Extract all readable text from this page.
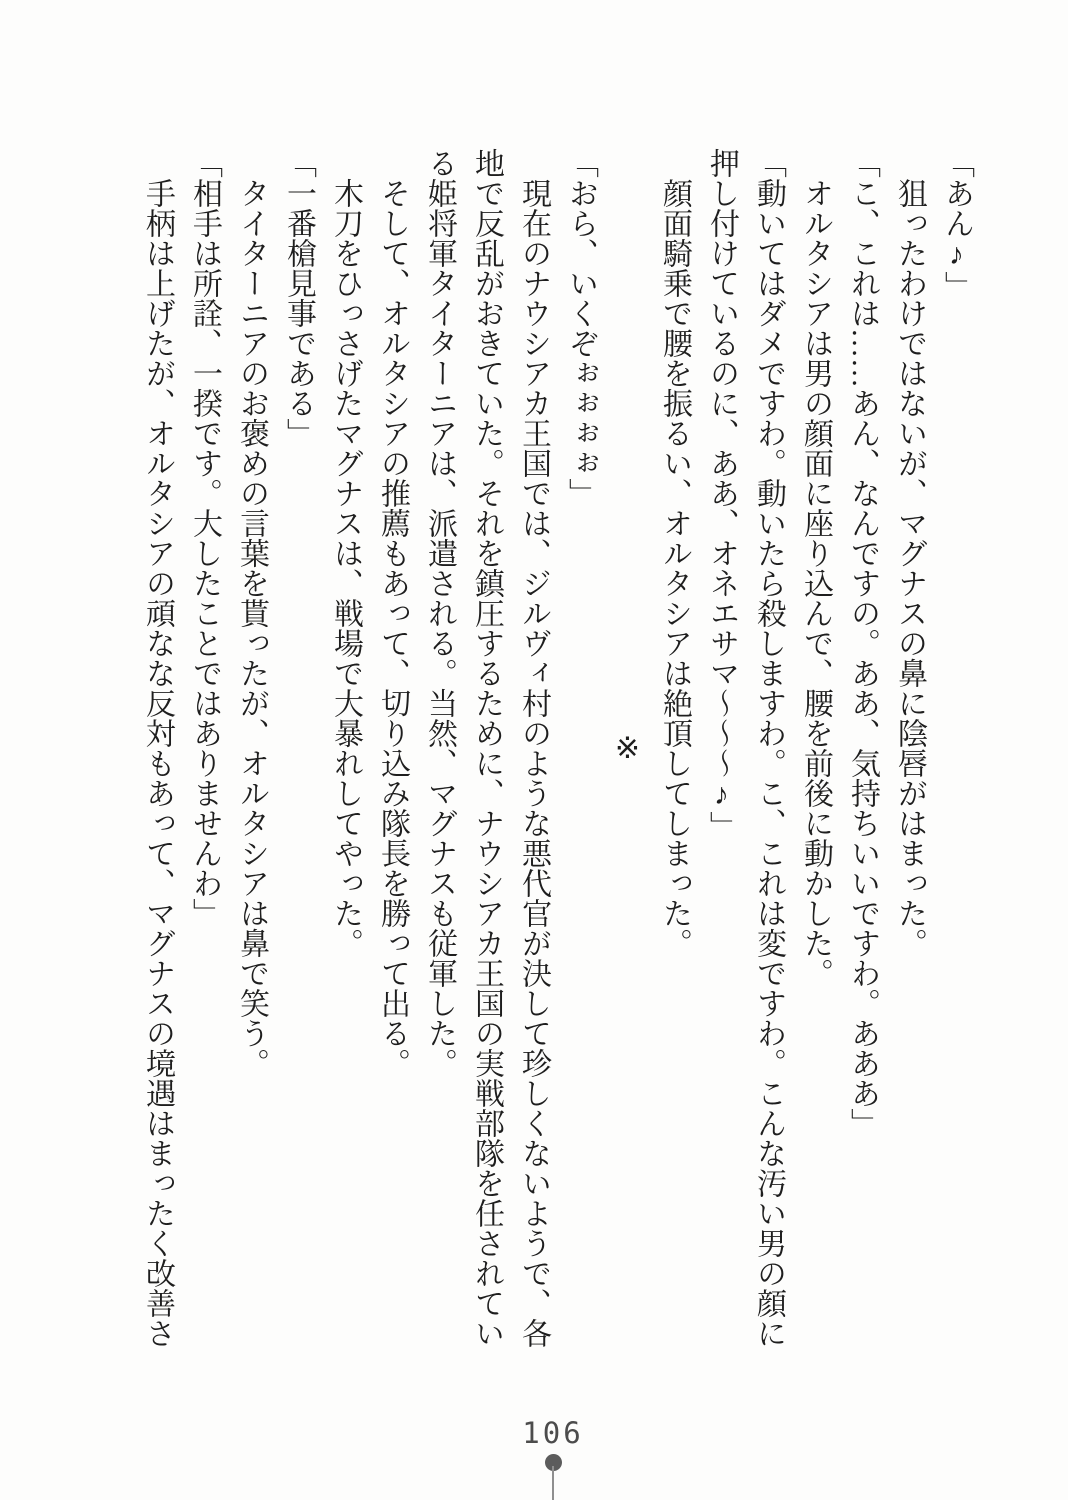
「あん♪」

狙ったわけではないが、マグナスの鼻に陰唇がはまった。

「こ、これは……あん、なんですの。ああ、気持ちいいですわ。あああ」

オルタシアは男の顔面に座り込んで、腰を前後に動かした。

「動いてはダメですわ。動いたら殺しますわ。こ、これは変ですわ。こんな汚い男の顔に押し付けているのに、ああ、オネエサマ〜〜〜♪」

顔面騎乗で腰を振るい、オルタシアは絶頂してしまった。

※

「おら、いくぞぉぉぉぉ」

現在のナウシアカ王国では、ジルヴィ村のような悪代官が決して珍しくないようで、各地で反乱がおきていた。それを鎮圧するために、ナウシアカ王国の実戦部隊を任されている姫将軍タイターニアは、派遣される。当然、マグナスも従軍した。

そして、オルタシアの推薦もあって、切り込み隊長を勝って出る。

木刀をひっさげたマグナスは、戦場で大暴れしてやった。

「一番槍見事である」

タイターニアのお褒めの言葉を貰ったが、オルタシアは鼻で笑う。

「相手は所詮、一揆です。大したことではありませんわ」

手柄は上げたが、オルタシアの頑なな反対もあって、マグナスの境遇はまったく改善さ

106
